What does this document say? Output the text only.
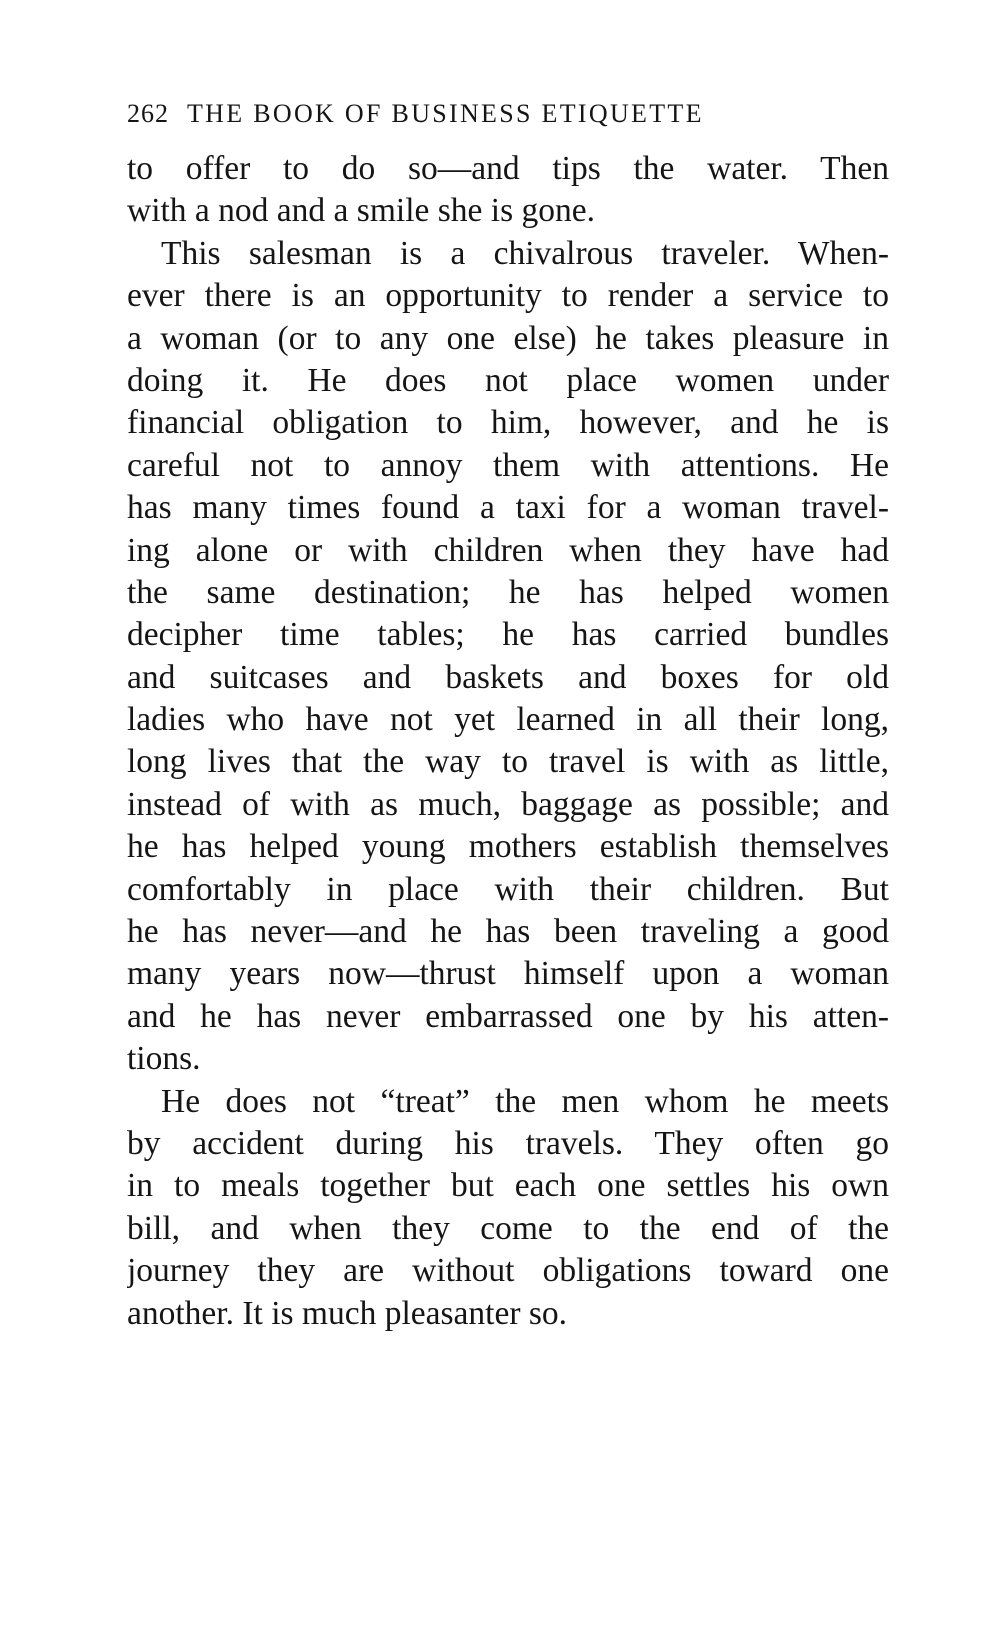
262 THE BOOK OF BUSINESS ETIQUETTE
to offer to do so—and tips the water. Then
with a nod and a smile she is gone.
This salesman is a chivalrous traveler. When-
ever there is an opportunity to render a service to
a woman (or to any one else) he takes pleasure in
doing it. He does not place women under
financial obligation to him, however, and he is
careful not to annoy them with attentions. He
has many times found a taxi for a woman travel-
ing alone or with children when they have had
the same destination; he has helped women
decipher time tables; he has carried bundles
and suitcases and baskets and boxes for old
ladies who have not yet learned in all their long,
long lives that the way to travel is with as little,
instead of with as much, baggage as possible; and
he has helped young mothers establish themselves
comfortably in place with their children. But
he has never—and he has been traveling a good
many years now—thrust himself upon a woman
and he has never embarrassed one by his atten-
tions.
He does not “treat” the men whom he meets
by accident during his travels. They often go
in to meals together but each one settles his own
bill, and when they come to the end of the
journey they are without obligations toward one
another. It is much pleasanter so.
